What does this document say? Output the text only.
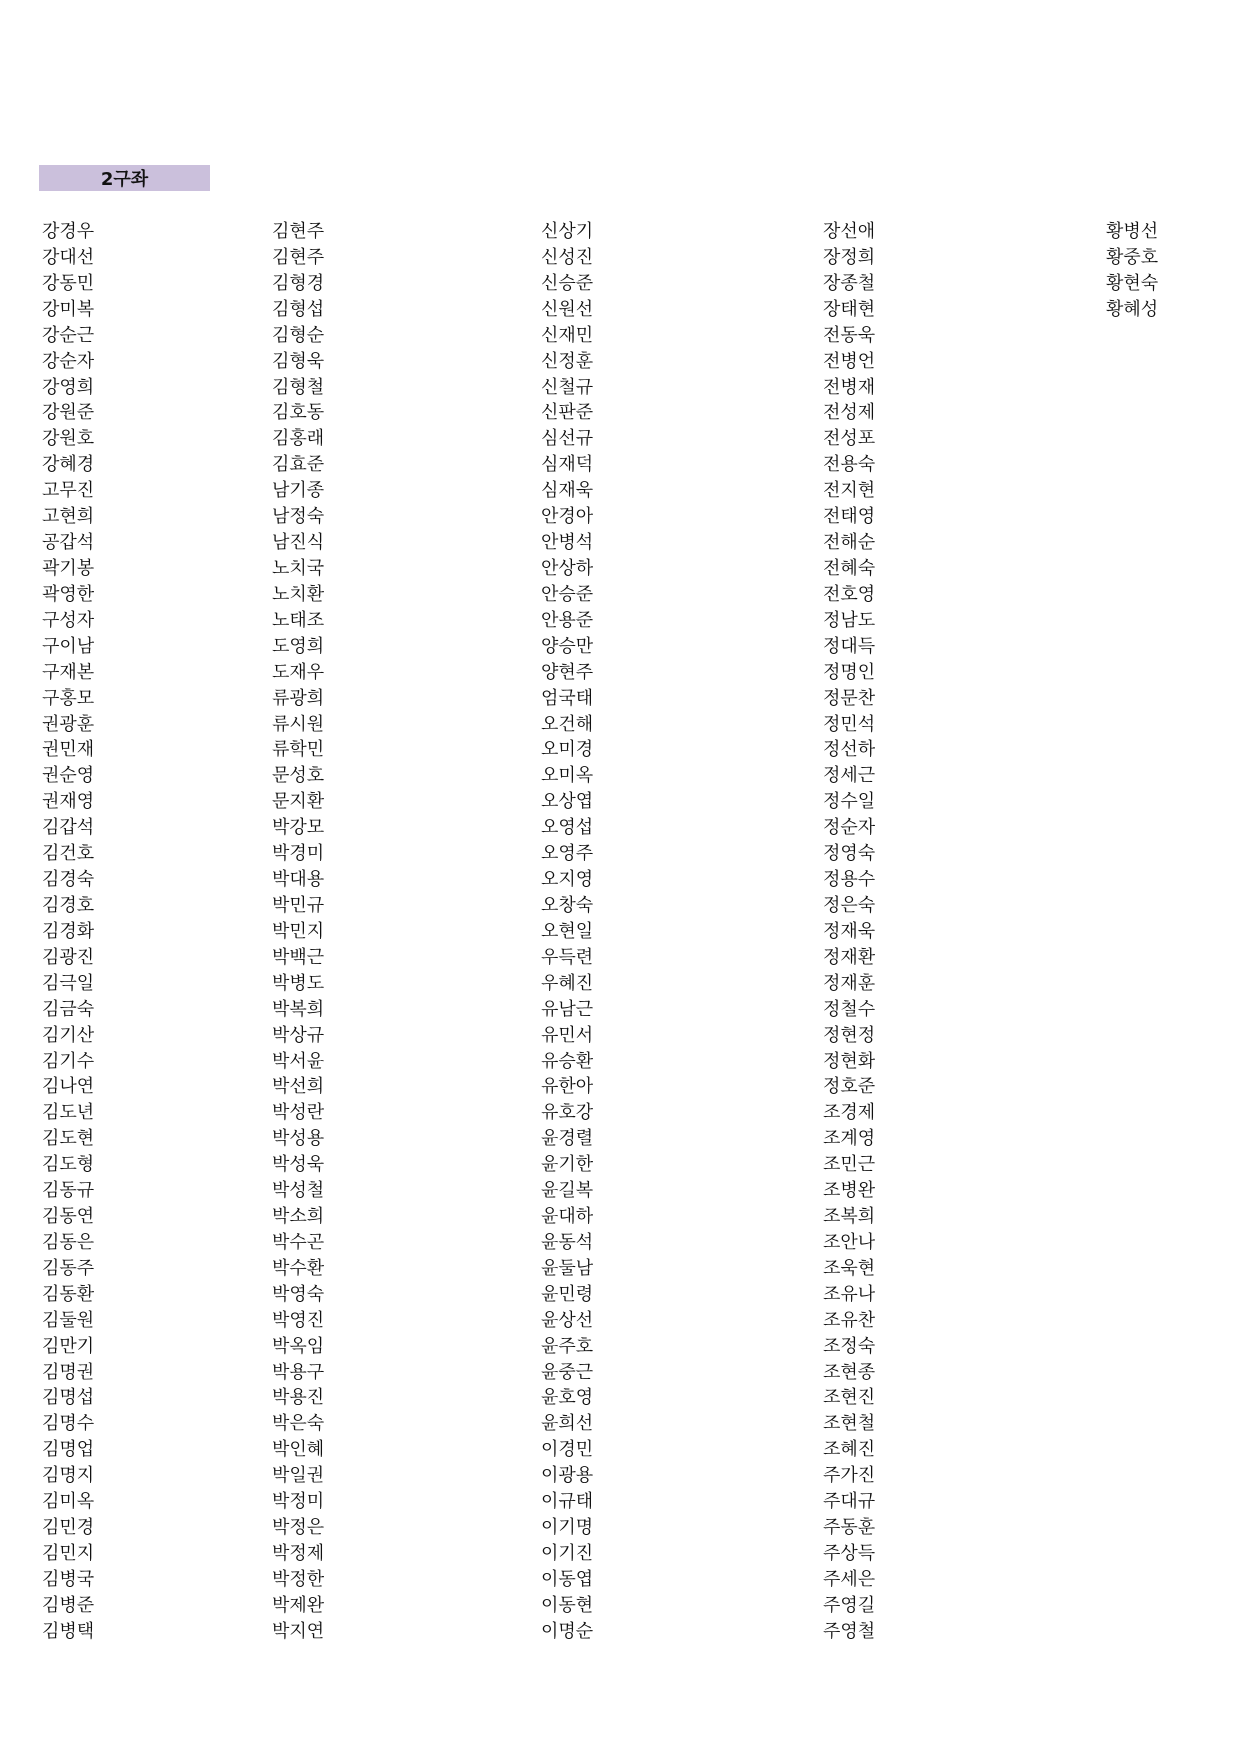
2구좌
강경우
강대선
강동민
강미복
강순근
강순자
강영희
강원준
강원호
강혜경
고무진
고현희
공갑석
곽기봉
곽영한
구성자
구이남
구재본
구홍모
권광훈
권민재
권순영
권재영
김갑석
김건호
김경숙
김경호
김경화
김광진
김극일
김금숙
김기산
김기수
김나연
김도년
김도현
김도형
김동규
김동연
김동은
김동주
김동환
김둘원
김만기
김명권
김명섭
김명수
김명업
김명지
김미옥
김민경
김민지
김병국
김병준
김병택
김현주
김현주
김형경
김형섭
김형순
김형욱
김형철
김호동
김홍래
김효준
남기종
남정숙
남진식
노치국
노치환
노태조
도영희
도재우
류광희
류시원
류학민
문성호
문지환
박강모
박경미
박대용
박민규
박민지
박백근
박병도
박복희
박상규
박서윤
박선희
박성란
박성용
박성욱
박성철
박소희
박수곤
박수환
박영숙
박영진
박옥임
박용구
박용진
박은숙
박인혜
박일권
박정미
박정은
박정제
박정한
박제완
박지연
신상기
신성진
신승준
신원선
신재민
신정훈
신철규
신판준
심선규
심재덕
심재욱
안경아
안병석
안상하
안승준
안용준
양승만
양현주
엄국태
오건해
오미경
오미옥
오상엽
오영섭
오영주
오지영
오창숙
오현일
우득련
우혜진
유남근
유민서
유승환
유한아
유호강
윤경렬
윤기한
윤길복
윤대하
윤동석
윤둘남
윤민령
윤상선
윤주호
윤중근
윤호영
윤희선
이경민
이광용
이규태
이기명
이기진
이동엽
이동현
이명순
장선애
장정희
장종철
장태현
전동욱
전병언
전병재
전성제
전성포
전용숙
전지현
전태영
전해순
전혜숙
전호영
정남도
정대득
정명인
정문찬
정민석
정선하
정세근
정수일
정순자
정영숙
정용수
정은숙
정재욱
정재환
정재훈
정철수
정현정
정현화
정호준
조경제
조계영
조민근
조병완
조복희
조안나
조욱현
조유나
조유찬
조정숙
조현종
조현진
조현철
조혜진
주가진
주대규
주동훈
주상득
주세은
주영길
주영철
황병선
황중호
황현숙
황혜성
